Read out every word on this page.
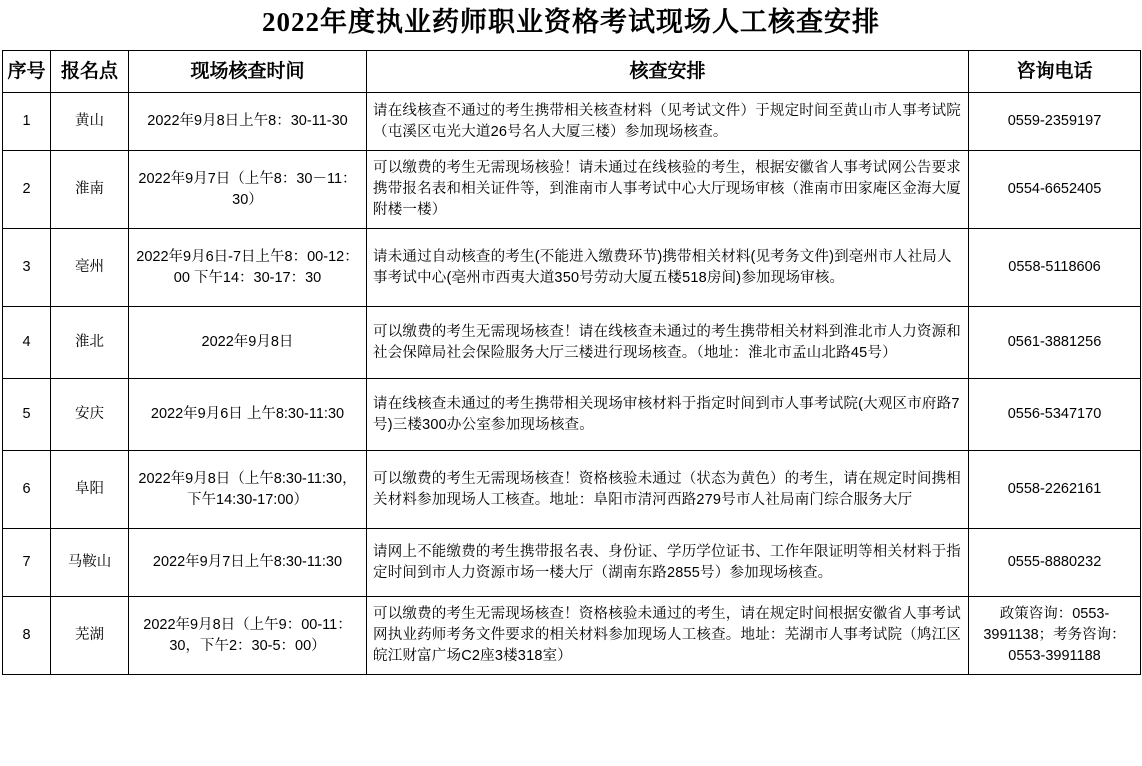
2022年度执业药师职业资格考试现场人工核查安排
序号	报名点	现场核查时间	核查安排	咨询电话
1	黄山	2022年9月8日上午8：30-11-30	请在线核查不通过的考生携带相关核查材料（见考试文件）于规定时间至黄山市人事考试院（屯溪区屯光大道26号名人大厦三楼）参加现场核查。	0559-2359197
2	淮南	2022年9月7日（上午8：30－11：30）	可以缴费的考生无需现场核验！请未通过在线核验的考生，根据安徽省人事考试网公告要求携带报名表和相关证件等，到淮南市人事考试中心大厅现场审核（淮南市田家庵区金海大厦附楼一楼）	0554-6652405
3	亳州	2022年9月6日-7日上午8：00-12：00 下午14：30-17：30	请未通过自动核查的考生(不能进入缴费环节)携带相关材料(见考务文件)到亳州市人社局人事考试中心(亳州市西夷大道350号劳动大厦五楼518房间)参加现场审核。	0558-5118606
4	淮北	2022年9月8日	可以缴费的考生无需现场核查！请在线核查未通过的考生携带相关材料到淮北市人力资源和社会保障局社会保险服务大厅三楼进行现场核查。（地址：淮北市孟山北路45号）	0561-3881256
5	安庆	2022年9月6日 上午8:30-11:30	请在线核查未通过的考生携带相关现场审核材料于指定时间到市人事考试院(大观区市府路7号)三楼300办公室参加现场核查。	0556-5347170
6	阜阳	2022年9月8日（上午8:30-11:30，下午14:30-17:00）	可以缴费的考生无需现场核查！资格核验未通过（状态为黄色）的考生，请在规定时间携相关材料参加现场人工核查。地址：阜阳市清河西路279号市人社局南门综合服务大厅	0558-2262161
7	马鞍山	2022年9月7日上午8:30-11:30	请网上不能缴费的考生携带报名表、身份证、学历学位证书、工作年限证明等相关材料于指定时间到市人力资源市场一楼大厅（湖南东路2855号）参加现场核查。	0555-8880232
8	芜湖	2022年9月8日（上午9：00-11：30，下午2：30-5：00）	可以缴费的考生无需现场核查！资格核验未通过的考生，请在规定时间根据安徽省人事考试网执业药师考务文件要求的相关材料参加现场人工核查。地址：芜湖市人事考试院（鸠江区皖江财富广场C2座3楼318室）	政策咨询：0553-3991138；考务咨询：0553-3991188
